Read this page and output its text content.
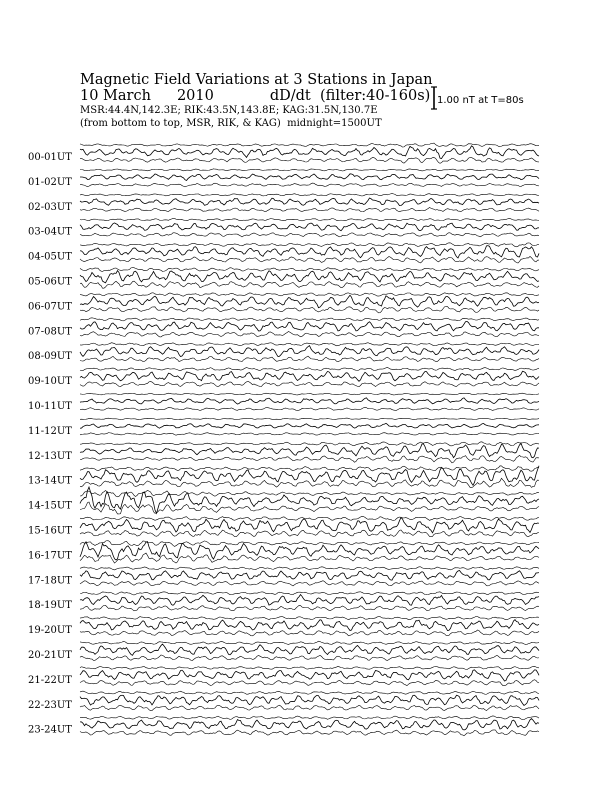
Magnetic Field Variations at 3 Stations in Japan
10 March 2010	dD/dt (filter:40-160s)
MSR:44.4N,142.3E; RIK:43.5N,143.8E; KAG:31.5N,130.7E
(from bottom to top, MSR, RIK, & KAG) midnight=1500UT
1.00 nT at T=80s
00-01UT
01-02UT
02-03UT
03-04UT
04-05UT
05-06UT
06-07UT
07-08UT
08-09UT
09-10UT
10-11UT
11-12UT
12-13UT
13-14UT
14-15UT
15-16UT
16-17UT
17-18UT
18-19UT
19-20UT
20-21UT
21-22UT
22-23UT
23-24UT
